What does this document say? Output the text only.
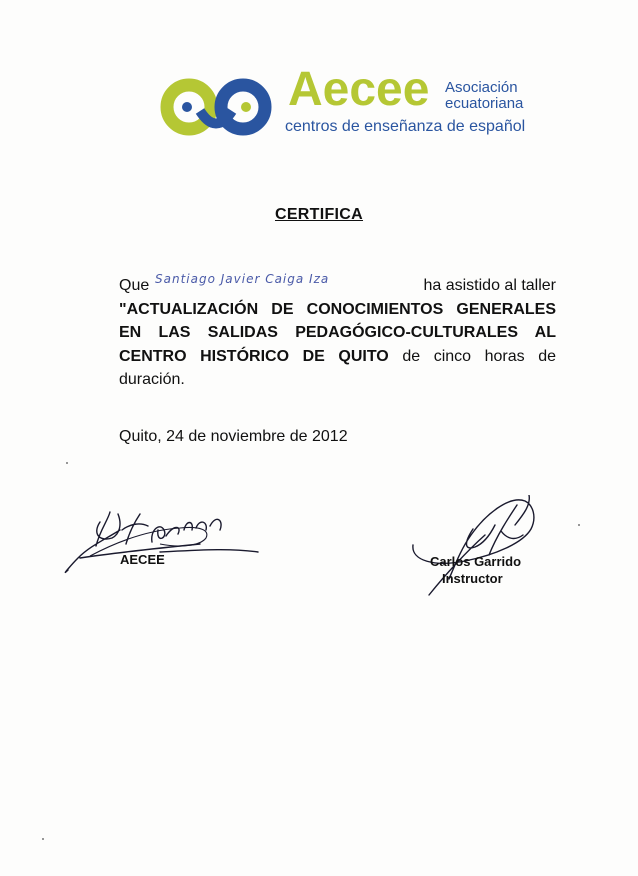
Aecee Asociación
ecuatoriana
centros de enseñanza de español
CERTIFICA
Que Santiago Javier Caiga Iza	ha asistido al taller
"ACTUALIZACIÓN DE CONOCIMIENTOS GENERALES EN LAS SALIDAS PEDAGÓGICO-CULTURALES AL CENTRO HISTÓRICO DE QUITO de cinco horas de duración.
Quito, 24 de noviembre de 2012
AECEE	Carlos Garrido
Instructor
